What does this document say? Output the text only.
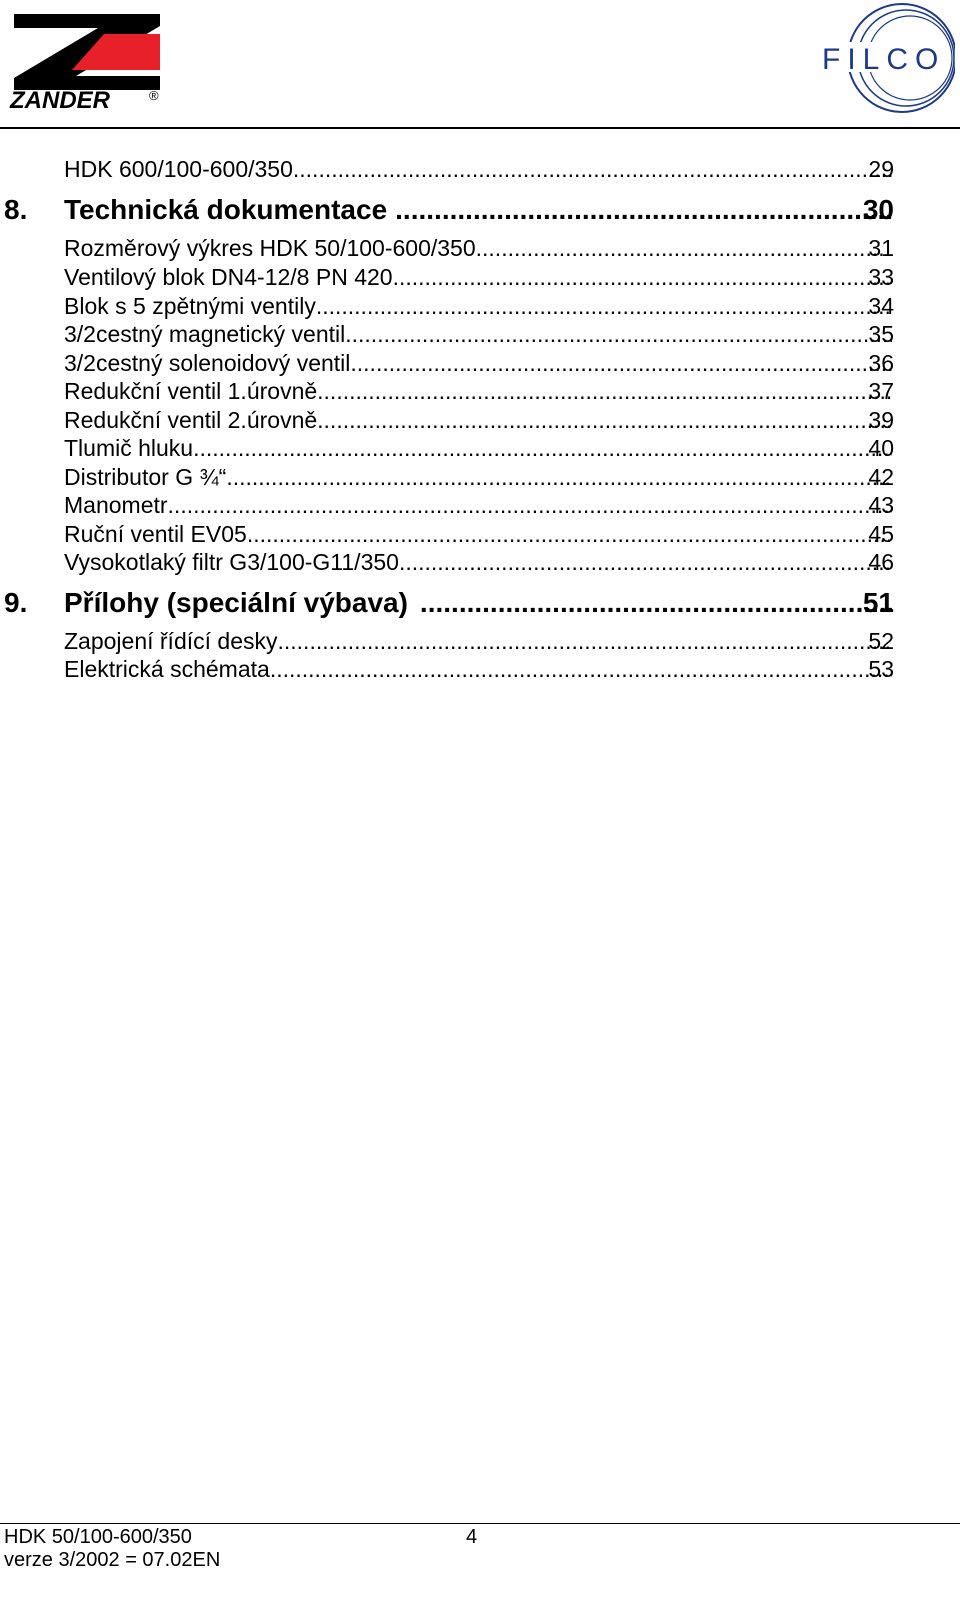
ZANDER	®
FILCO
HDK 600/100-600/350 .....	29
8. Technická dokumentace .....	30
Rozměrový výkres HDK 50/100-600/350 .....	31
Ventilový blok DN4-12/8 PN 420 .....	33
Blok s 5 zpětnými ventily .....	34
3/2cestný magnetický ventil .....	35
3/2cestný solenoidový ventil .....	36
Redukční ventil 1.úrovně .....	37
Redukční ventil 2.úrovně .....	39
Tlumič hluku .....	40
Distributor G ¾“ .....	42
Manometr .....	43
Ruční ventil EV05 .....	45
Vysokotlaký filtr G3/100-G11/350 .....	46
9. Přílohy (speciální výbava) .....	51
Zapojení řídící desky .....	52
Elektrická schémata .....	53
HDK 50/100-600/350	4
verze 3/2002 = 07.02EN
